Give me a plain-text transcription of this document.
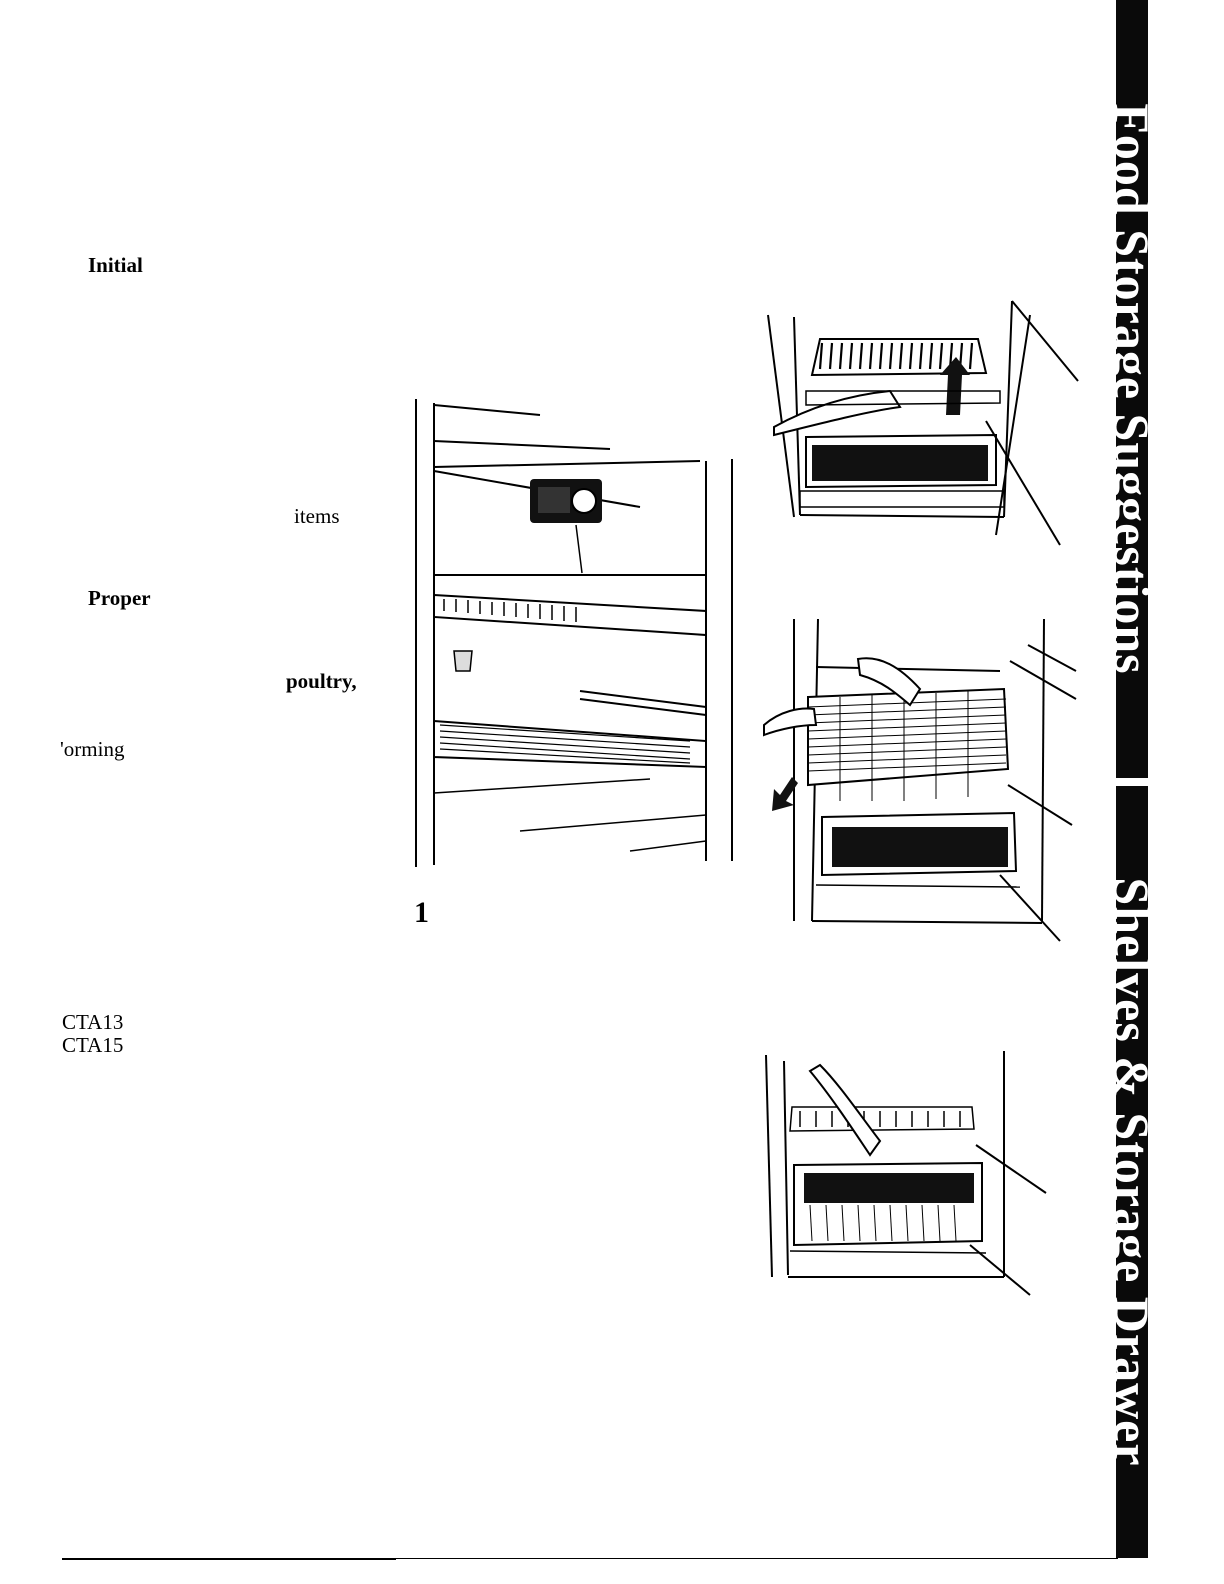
Food Storage Suggestions
Shelves & Storage Drawer
Initial
items
Proper
poultry,
'orming
CTA13
CTA15
1
